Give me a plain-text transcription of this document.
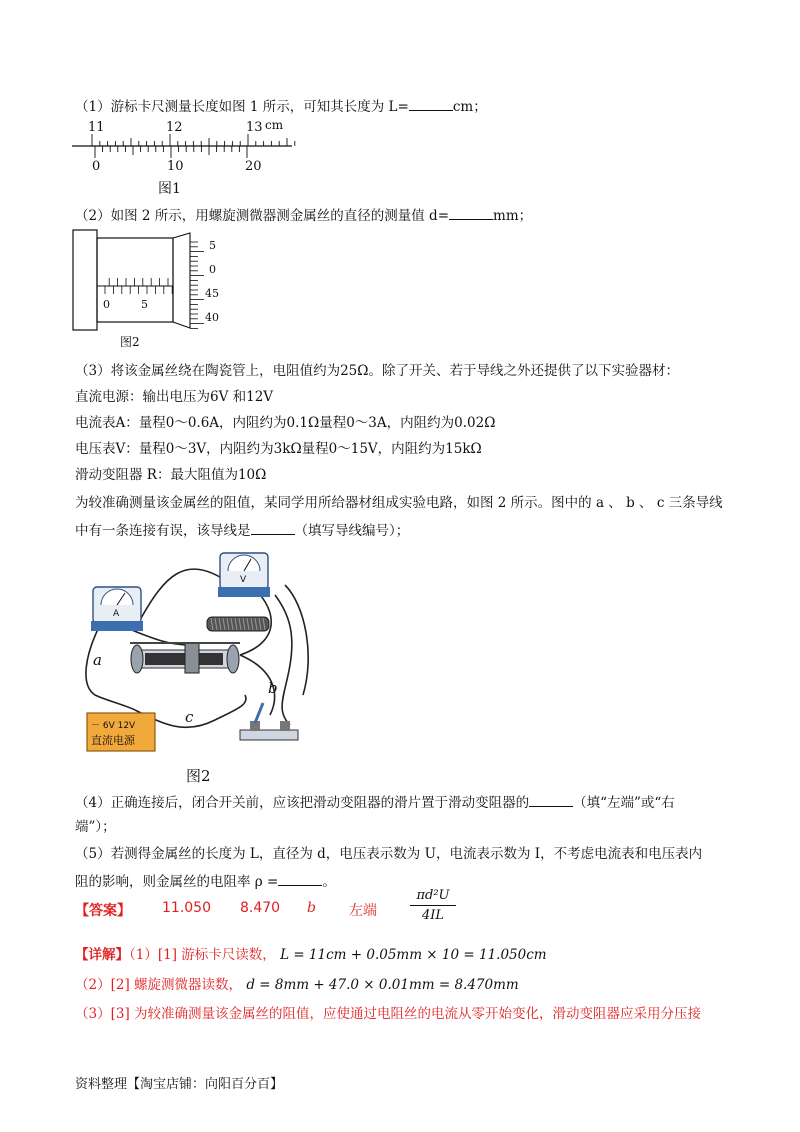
（1）游标卡尺测量长度如图 1 所示，可知其长度为 L=	cm；
11	12	13 cm
0	10	20
图1
（2）如图 2 所示，用螺旋测微器测金属丝的直径的测量值 d=	mm；
0	5
5
0
45
40
图2
（3）将该金属丝绕在陶瓷管上，电阻值约为25Ω。除了开关、若于导线之外还提供了以下实验器材：
直流电源：输出电压为6V 和12V
电流表A：量程0～0.6A，内阻约为0.1Ω量程0～3A，内阻约为0.02Ω
电压表V：量程0～3V，内阻约为3kΩ量程0～15V，内阻约为15kΩ
滑动变阻器 R：最大阻值为10Ω
为较准确测量该金属丝的阻值，某同学用所给器材组成实验电路，如图 2 所示。图中的 a 、 b 、 c 三条导线
中有一条连接有误，该导线是	（填写导线编号）；
A
V
－ 6V 12V
直流电源
a
b
c
图2
（4）正确连接后，闭合开关前，应该把滑动变阻器的滑片置于滑动变阻器的	（填“左端”或“右
端”）；
（5）若测得金属丝的长度为 L，直径为 d，电压表示数为 U，电流表示数为 I，不考虑电流表和电压表内
阻的影响，则金属丝的电阻率 ρ =	。
【答案】 11.050 8.470 b 左端	$\frac{\text{πd²U}}{4IL}$
【详解】（1）[1] 游标卡尺读数， L = 11cm + 0.05mm × 10 = 11.050cm
（2）[2] 螺旋测微器读数， d = 8mm + 47.0 × 0.01mm = 8.470mm
（3）[3] 为较准确测量该金属丝的阻值，应使通过电阻丝的电流从零开始变化，滑动变阻器应采用分压接
资料整理【淘宝店铺：向阳百分百】
